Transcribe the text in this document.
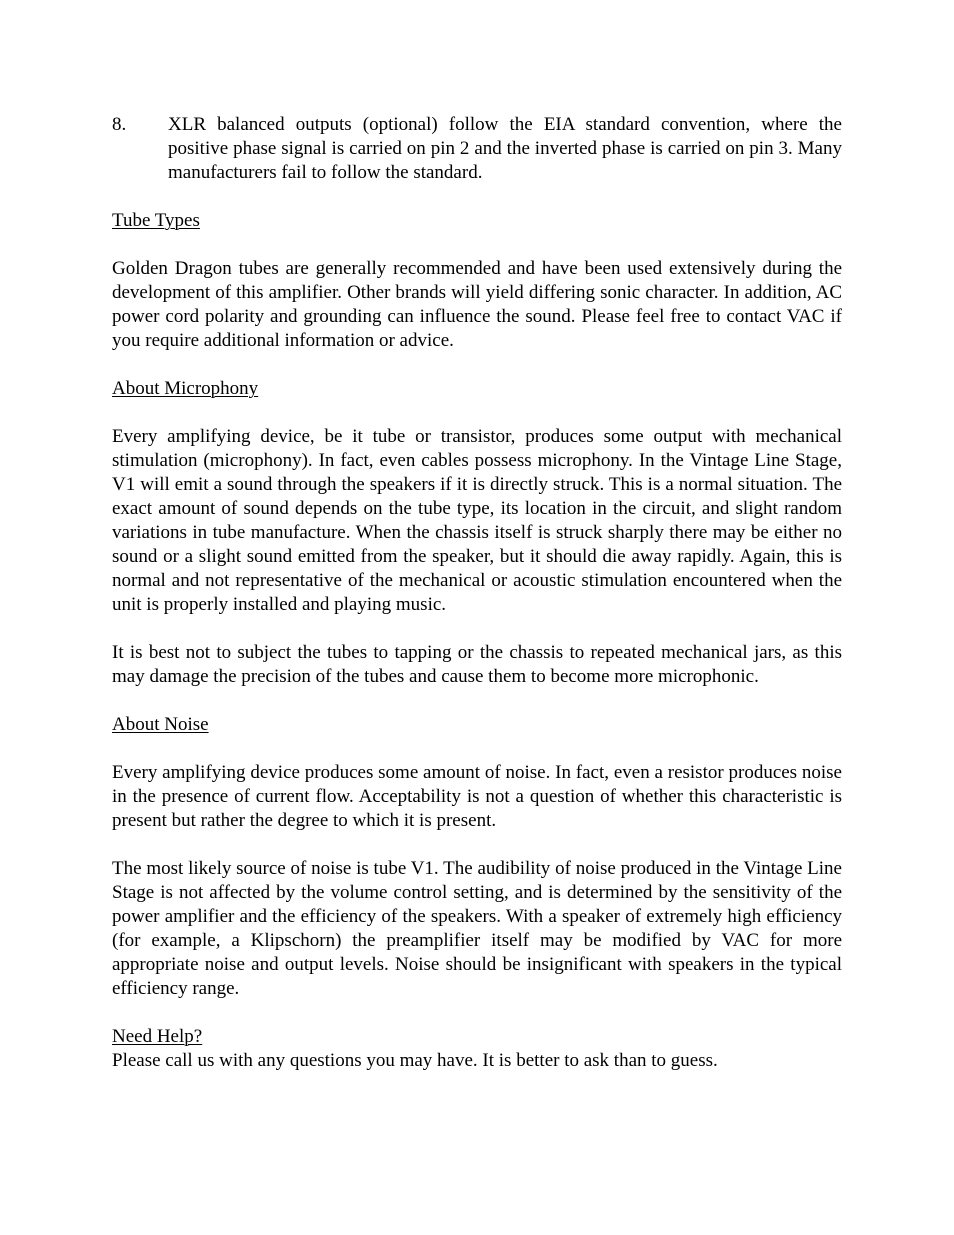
8.	XLR balanced outputs (optional) follow the EIA standard convention, where the positive phase signal is carried on pin 2 and the inverted phase is carried on pin 3. Many manufacturers fail to follow the standard.
Tube Types

Golden Dragon tubes are generally recommended and have been used extensively during the development of this amplifier. Other brands will yield differing sonic character. In addition, AC power cord polarity and grounding can influence the sound. Please feel free to contact VAC if you require additional information or advice.

About Microphony

Every amplifying device, be it tube or transistor, produces some output with mechanical stimulation (microphony). In fact, even cables possess microphony. In the Vintage Line Stage, V1 will emit a sound through the speakers if it is directly struck. This is a normal situation. The exact amount of sound depends on the tube type, its location in the circuit, and slight random variations in tube manufacture. When the chassis itself is struck sharply there may be either no sound or a slight sound emitted from the speaker, but it should die away rapidly. Again, this is normal and not representative of the mechanical or acoustic stimulation encountered when the unit is properly installed and playing music.

It is best not to subject the tubes to tapping or the chassis to repeated mechanical jars, as this may damage the precision of the tubes and cause them to become more microphonic.

About Noise

Every amplifying device produces some amount of noise. In fact, even a resistor produces noise in the presence of current flow. Acceptability is not a question of whether this characteristic is present but rather the degree to which it is present.

The most likely source of noise is tube V1. The audibility of noise produced in the Vintage Line Stage is not affected by the volume control setting, and is determined by the sensitivity of the power amplifier and the efficiency of the speakers. With a speaker of extremely high efficiency (for example, a Klipschorn) the preamplifier itself may be modified by VAC for more appropriate noise and output levels. Noise should be insignificant with speakers in the typical efficiency range.

Need Help?

Please call us with any questions you may have. It is better to ask than to guess.
